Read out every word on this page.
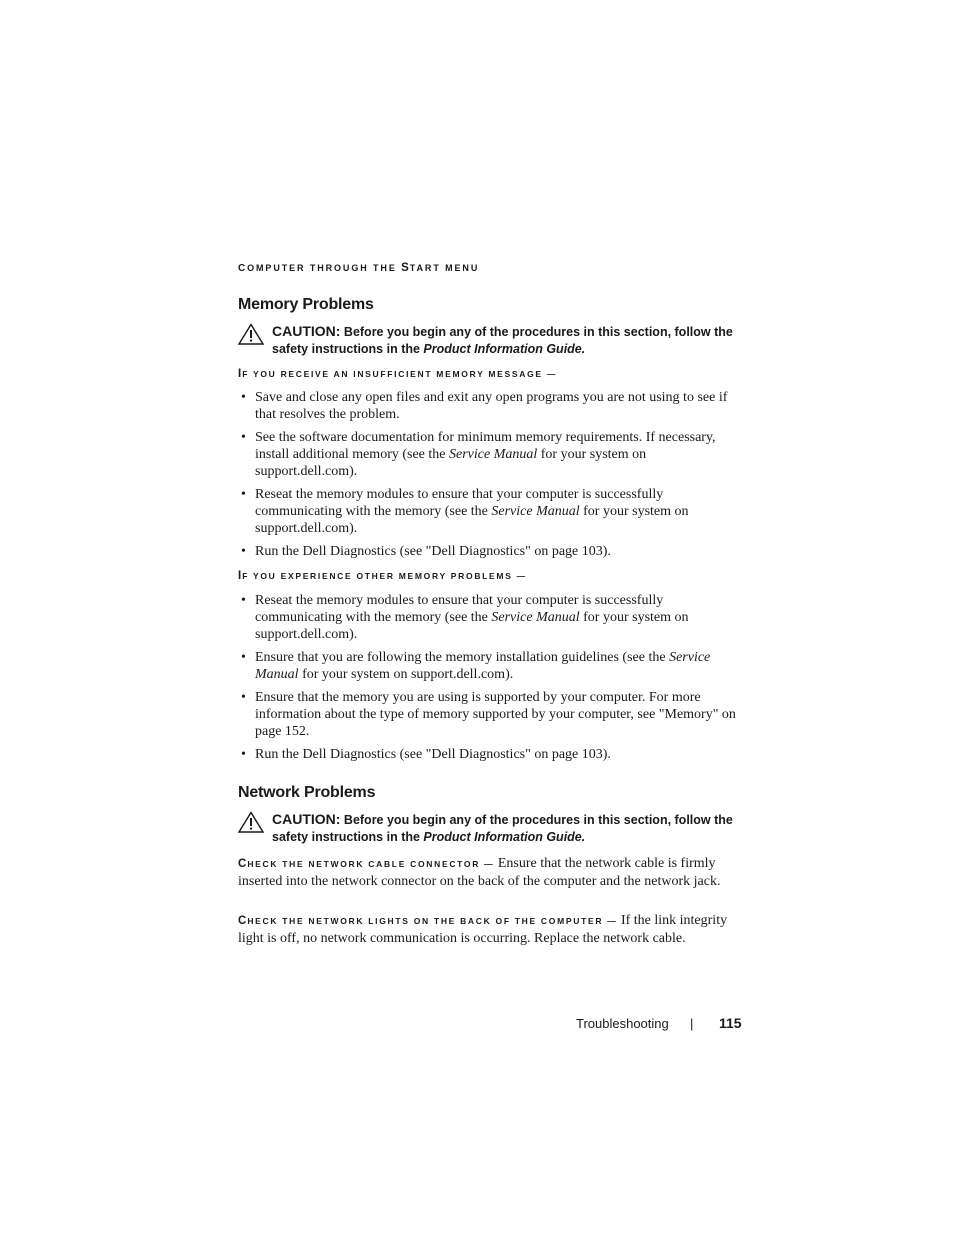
COMPUTER THROUGH THE START MENU
Memory Problems
CAUTION: Before you begin any of the procedures in this section, follow the safety instructions in the Product Information Guide.
IF YOU RECEIVE AN INSUFFICIENT MEMORY MESSAGE —
• Save and close any open files and exit any open programs you are not using to see if that resolves the problem.
• See the software documentation for minimum memory requirements. If necessary, install additional memory (see the Service Manual for your system on support.dell.com).
• Reseat the memory modules to ensure that your computer is successfully communicating with the memory (see the Service Manual for your system on support.dell.com).
• Run the Dell Diagnostics (see "Dell Diagnostics" on page 103).
IF YOU EXPERIENCE OTHER MEMORY PROBLEMS —
• Reseat the memory modules to ensure that your computer is successfully communicating with the memory (see the Service Manual for your system on support.dell.com).
• Ensure that you are following the memory installation guidelines (see the Service Manual for your system on support.dell.com).
• Ensure that the memory you are using is supported by your computer. For more information about the type of memory supported by your computer, see "Memory" on page 152.
• Run the Dell Diagnostics (see "Dell Diagnostics" on page 103).
Network Problems
CAUTION: Before you begin any of the procedures in this section, follow the safety instructions in the Product Information Guide.
CHECK THE NETWORK CABLE CONNECTOR — Ensure that the network cable is firmly inserted into the network connector on the back of the computer and the network jack.
CHECK THE NETWORK LIGHTS ON THE BACK OF THE COMPUTER — If the link integrity light is off, no network communication is occurring. Replace the network cable.
Troubleshooting | 115
